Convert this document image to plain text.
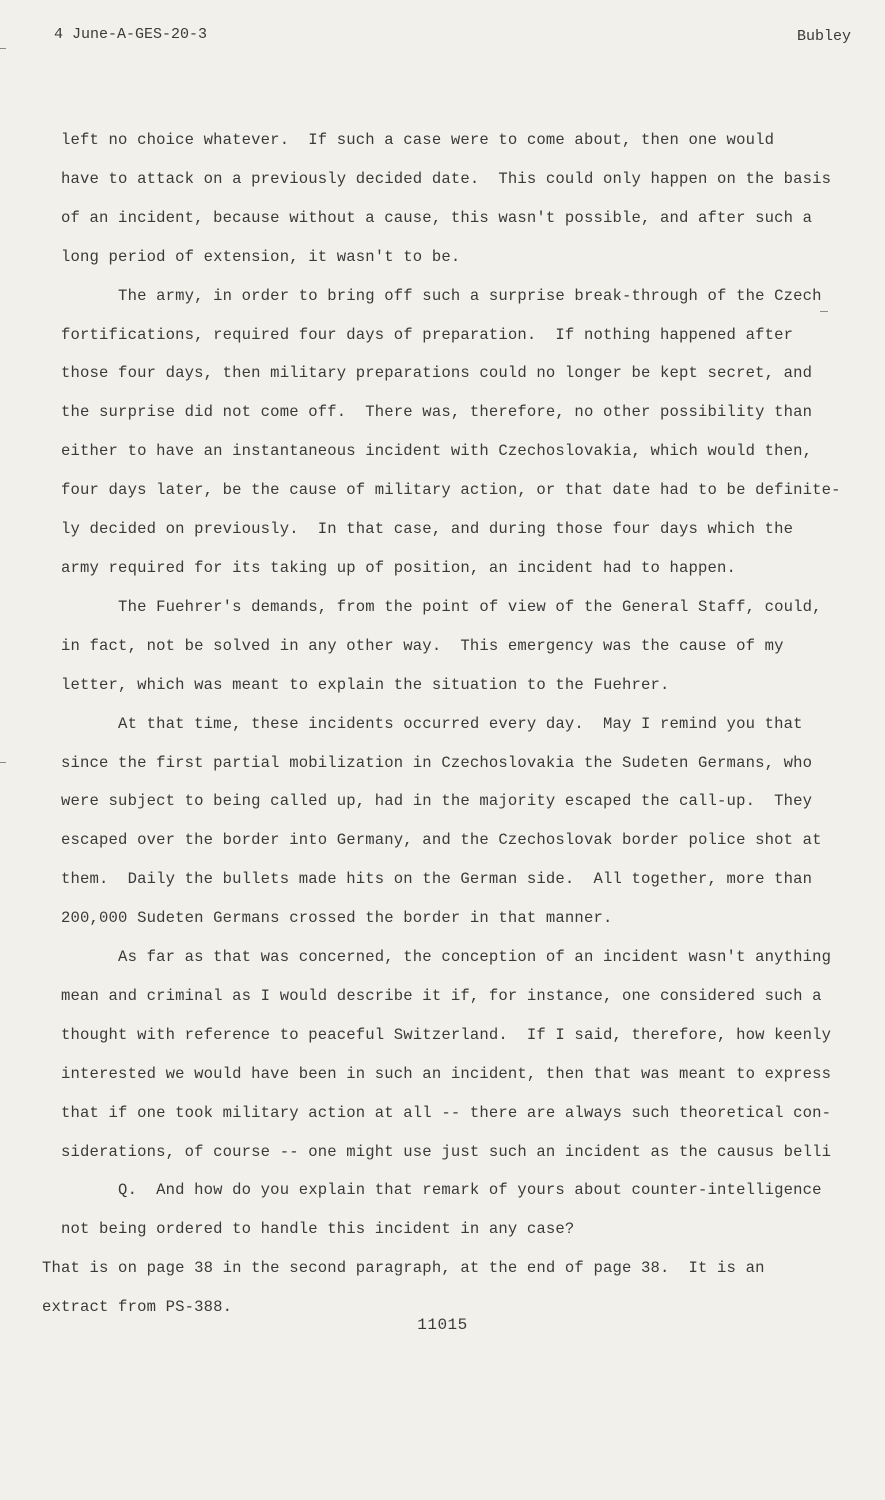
4 June-A-GES-20-3	Bubley

left no choice whatever.  If such a case were to come about, then one would

have to attack on a previously decided date.  This could only happen on the basis

of an incident, because without a cause, this wasn't possible, and after such a

long period of extension, it wasn't to be.

The army, in order to bring off such a surprise break-through of the Czech

fortifications, required four days of preparation.  If nothing happened after

those four days, then military preparations could no longer be kept secret, and

the surprise did not come off.  There was, therefore, no other possibility than

either to have an instantaneous incident with Czechoslovakia, which would then,

four days later, be the cause of military action, or that date had to be definite-

ly decided on previously.  In that case, and during those four days which the

army required for its taking up of position, an incident had to happen.

The Fuehrer's demands, from the point of view of the General Staff, could,

in fact, not be solved in any other way.  This emergency was the cause of my

letter, which was meant to explain the situation to the Fuehrer.

At that time, these incidents occurred every day.  May I remind you that

since the first partial mobilization in Czechoslovakia the Sudeten Germans, who

were subject to being called up, had in the majority escaped the call-up.  They

escaped over the border into Germany, and the Czechoslovak border police shot at

them.  Daily the bullets made hits on the German side.  All together, more than

200,000 Sudeten Germans crossed the border in that manner.

As far as that was concerned, the conception of an incident wasn't anything

mean and criminal as I would describe it if, for instance, one considered such a

thought with reference to peaceful Switzerland.  If I said, therefore, how keenly

interested we would have been in such an incident, then that was meant to express

that if one took military action at all -- there are always such theoretical con-

siderations, of course -- one might use just such an incident as the causus belli

Q.  And how do you explain that remark of yours about counter-intelligence

not being ordered to handle this incident in any case?

That is on page 38 in the second paragraph, at the end of page 38.  It is an

extract from PS-388.

11015
